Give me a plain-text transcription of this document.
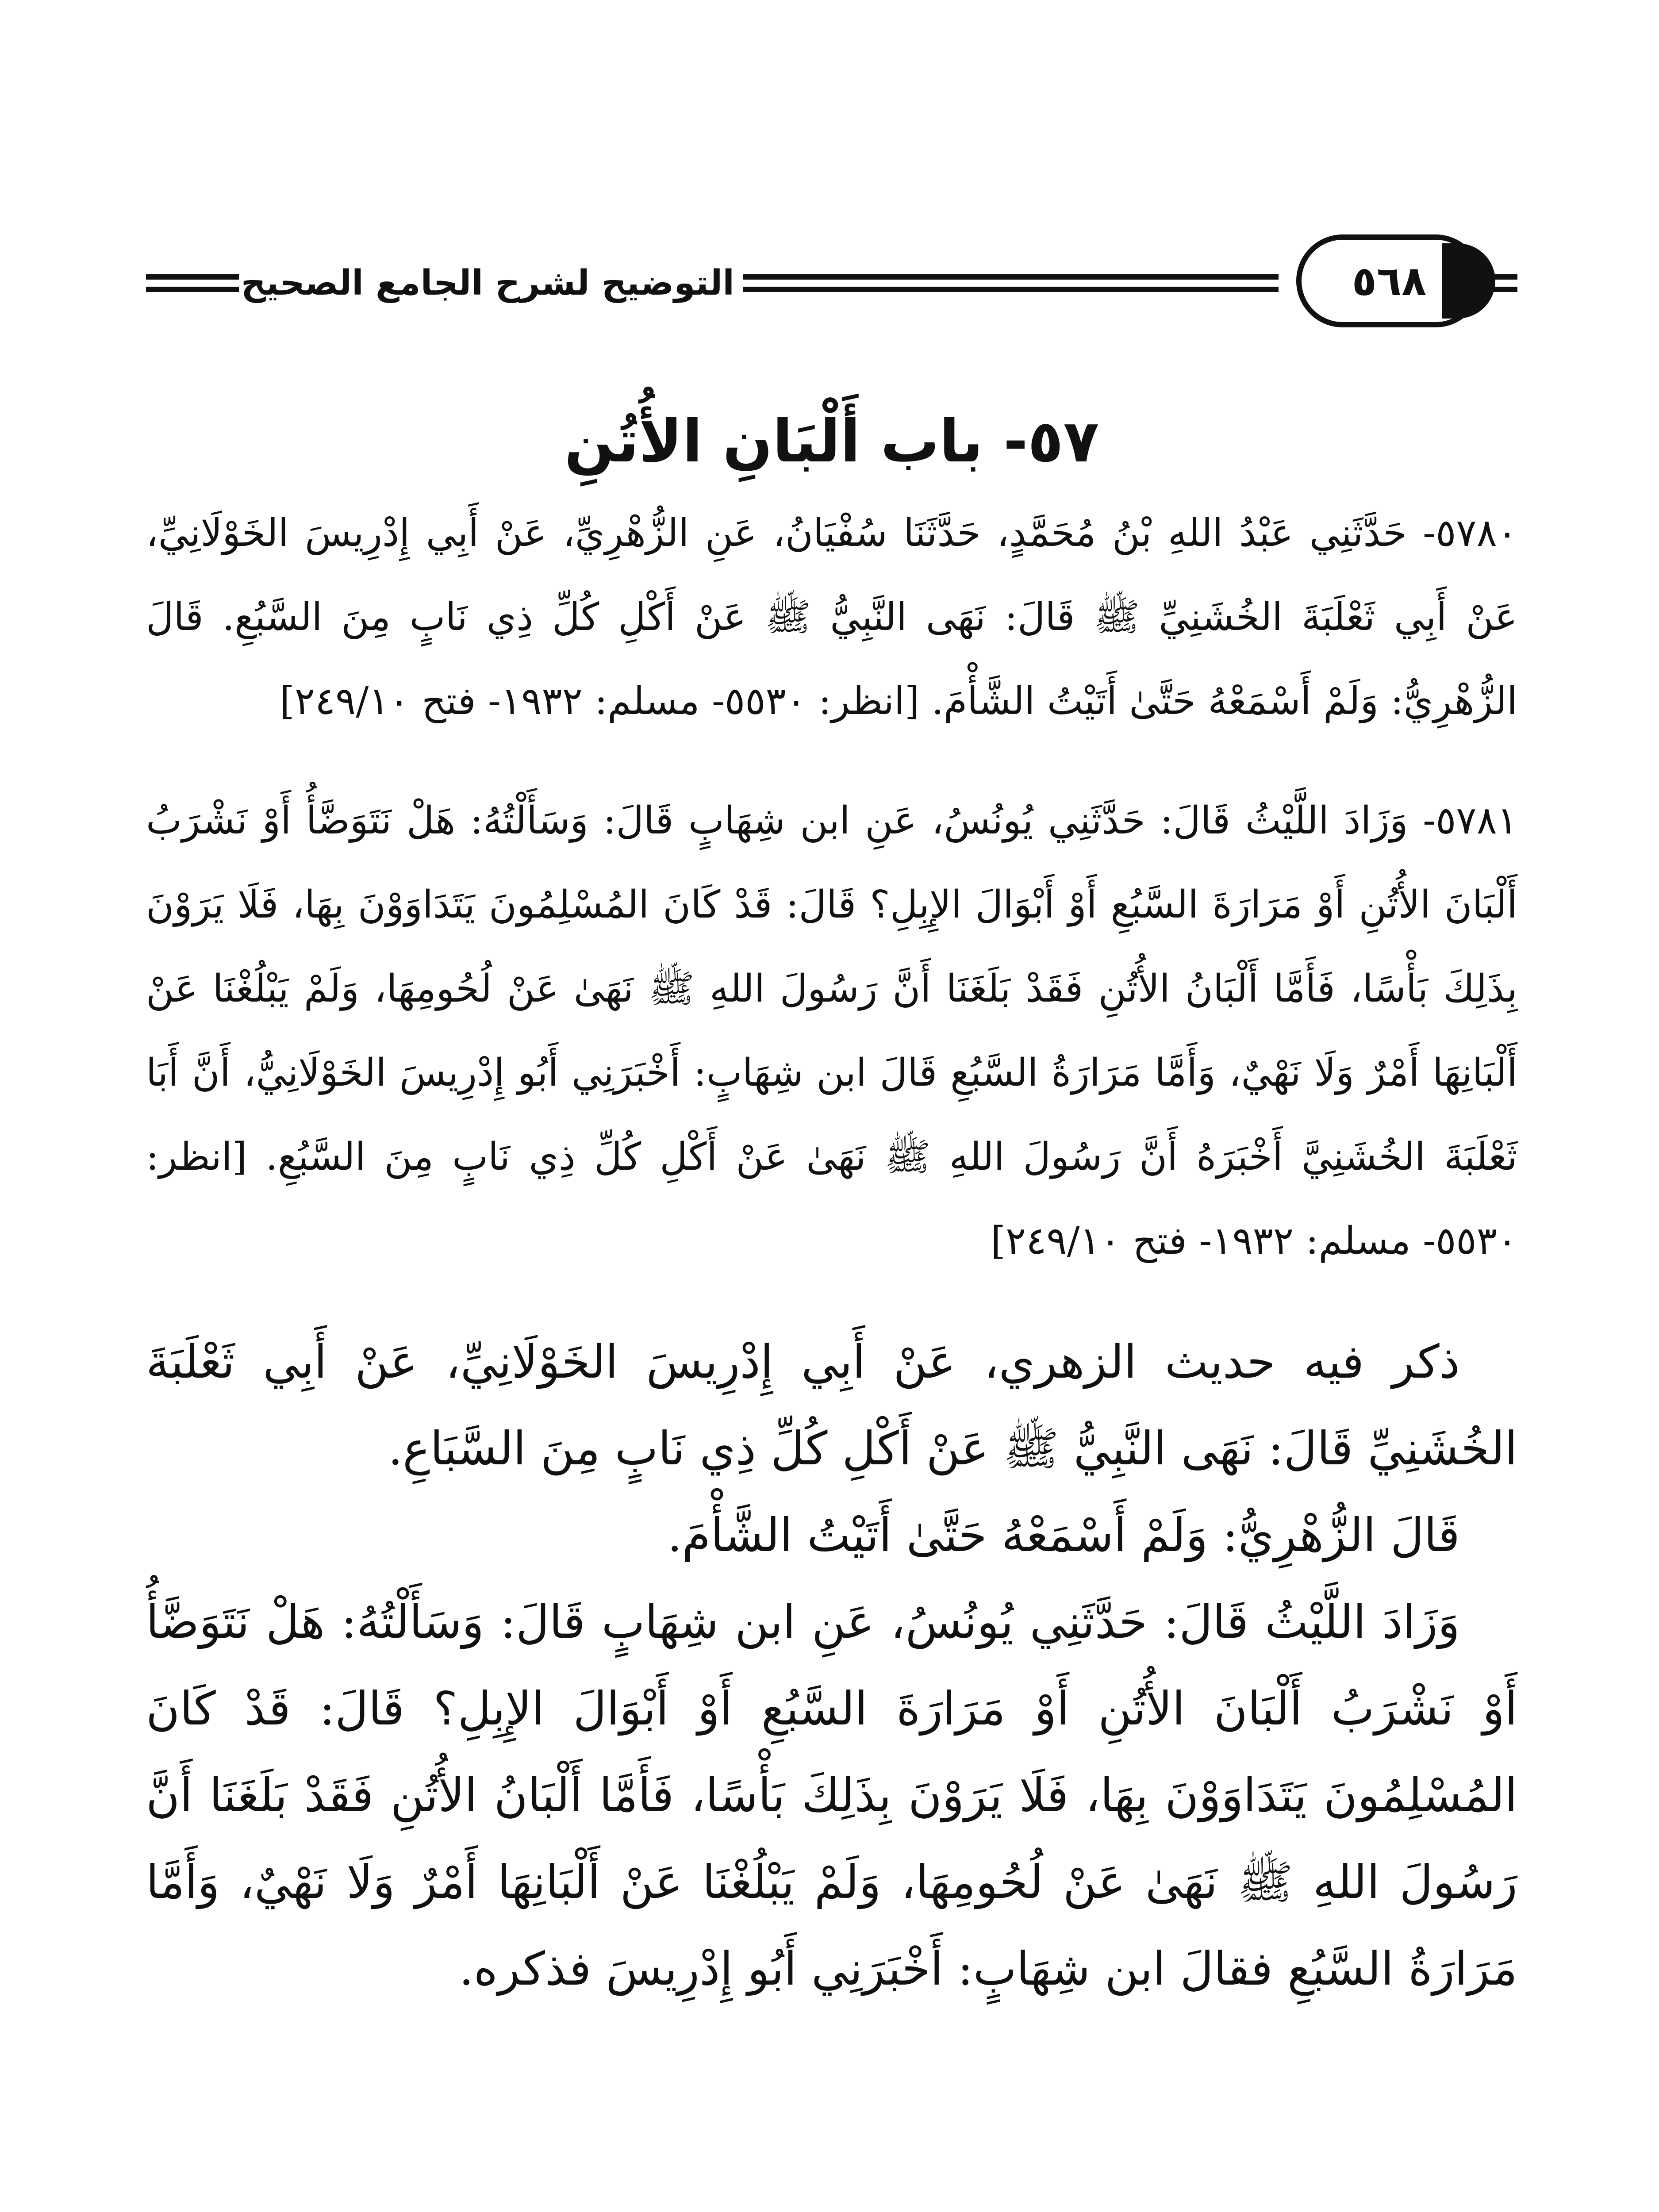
التوضيح لشرح الجامع الصحيح	٥٦٨
٥٧- باب أَلْبَانِ الأُتُنِ

٥٧٨٠- حَدَّثَنِي عَبْدُ اللهِ بْنُ مُحَمَّدٍ، حَدَّثَنَا سُفْيَانُ، عَنِ الزُّهْرِيِّ، عَنْ أَبِي إِدْرِيسَ الخَوْلَانِيِّ، عَنْ أَبِي ثَعْلَبَةَ الخُشَنِيِّ ﷺ قَالَ: نَهَى النَّبِيُّ ﷺ عَنْ أَكْلِ كُلِّ ذِي نَابٍ مِنَ السَّبُعِ. قَالَ الزُّهْرِيُّ: وَلَمْ أَسْمَعْهُ حَتَّىٰ أَتَيْتُ الشَّأْمَ. [انظر: ٥٥٣٠- مسلم: ١٩٣٢- فتح ٢٤٩/١٠]

٥٧٨١- وَزَادَ اللَّيْثُ قَالَ: حَدَّثَنِي يُونُسُ، عَنِ ابن شِهَابٍ قَالَ: وَسَأَلْتُهُ: هَلْ نَتَوَضَّأُ أَوْ نَشْرَبُ أَلْبَانَ الأُتُنِ أَوْ مَرَارَةَ السَّبُعِ أَوْ أَبْوَالَ الإِبِلِ؟ قَالَ: قَدْ كَانَ المُسْلِمُونَ يَتَدَاوَوْنَ بِهَا، فَلَا يَرَوْنَ بِذَلِكَ بَأْسًا، فَأَمَّا أَلْبَانُ الأُتُنِ فَقَدْ بَلَغَنَا أَنَّ رَسُولَ اللهِ ﷺ نَهَىٰ عَنْ لُحُومِهَا، وَلَمْ يَبْلُغْنَا عَنْ أَلْبَانِهَا أَمْرٌ وَلَا نَهْيٌ، وَأَمَّا مَرَارَةُ السَّبُعِ قَالَ ابن شِهَابٍ: أَخْبَرَنِي أَبُو إِدْرِيسَ الخَوْلَانِيُّ، أَنَّ أَبَا ثَعْلَبَةَ الخُشَنِيَّ أَخْبَرَهُ أَنَّ رَسُولَ اللهِ ﷺ نَهَىٰ عَنْ أَكْلِ كُلِّ ذِي نَابٍ مِنَ السَّبُعِ. [انظر: ٥٥٣٠- مسلم: ١٩٣٢- فتح ٢٤٩/١٠]

ذكر فيه حديث الزهري، عَنْ أَبِي إِدْرِيسَ الخَوْلَانِيِّ، عَنْ أَبِي ثَعْلَبَةَ الخُشَنِيِّ قَالَ: نَهَى النَّبِيُّ ﷺ عَنْ أَكْلِ كُلِّ ذِي نَابٍ مِنَ السَّبَاعِ.

قَالَ الزُّهْرِيُّ: وَلَمْ أَسْمَعْهُ حَتَّىٰ أَتَيْتُ الشَّأْمَ.

وَزَادَ اللَّيْثُ قَالَ: حَدَّثَنِي يُونُسُ، عَنِ ابن شِهَابٍ قَالَ: وَسَأَلْتُهُ: هَلْ نَتَوَضَّأُ أَوْ نَشْرَبُ أَلْبَانَ الأُتُنِ أَوْ مَرَارَةَ السَّبُعِ أَوْ أَبْوَالَ الإِبِلِ؟ قَالَ: قَدْ كَانَ المُسْلِمُونَ يَتَدَاوَوْنَ بِهَا، فَلَا يَرَوْنَ بِذَلِكَ بَأْسًا، فَأَمَّا أَلْبَانُ الأُتُنِ فَقَدْ بَلَغَنَا أَنَّ رَسُولَ اللهِ ﷺ نَهَىٰ عَنْ لُحُومِهَا، وَلَمْ يَبْلُغْنَا عَنْ أَلْبَانِهَا أَمْرٌ وَلَا نَهْيٌ، وَأَمَّا مَرَارَةُ السَّبُعِ فقالَ ابن شِهَابٍ: أَخْبَرَنِي أَبُو إِدْرِيسَ فذكره.
